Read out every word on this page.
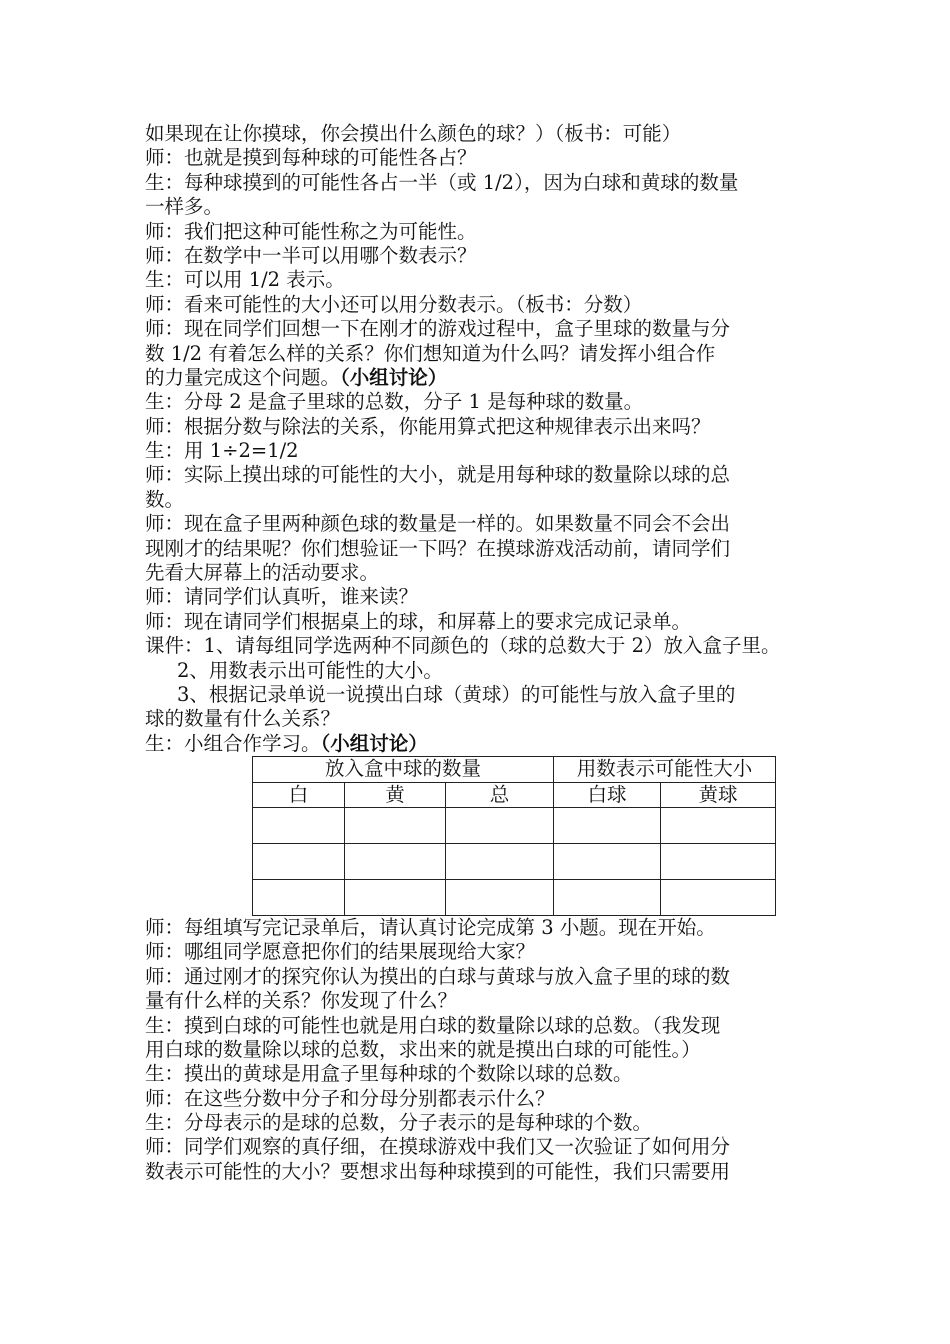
如果现在让你摸球，你会摸出什么颜色的球？）（板书：可能）
师：也就是摸到每种球的可能性各占？
生：每种球摸到的可能性各占一半（或 1/2），因为白球和黄球的数量
一样多。
师：我们把这种可能性称之为可能性。
师：在数学中一半可以用哪个数表示？
生：可以用 1/2 表示。
师：看来可能性的大小还可以用分数表示。（板书：分数）
师：现在同学们回想一下在刚才的游戏过程中，盒子里球的数量与分
数 1/2 有着怎么样的关系？你们想知道为什么吗？请发挥小组合作
的力量完成这个问题。（小组讨论）
生：分母 2 是盒子里球的总数，分子 1 是每种球的数量。
师：根据分数与除法的关系，你能用算式把这种规律表示出来吗？
生：用 1÷2=1/2
师：实际上摸出球的可能性的大小，就是用每种球的数量除以球的总
数。
师：现在盒子里两种颜色球的数量是一样的。如果数量不同会不会出
现刚才的结果呢？你们想验证一下吗？在摸球游戏活动前，请同学们
先看大屏幕上的活动要求。
师：请同学们认真听，谁来读？
师：现在请同学们根据桌上的球，和屏幕上的要求完成记录单。
课件：1、请每组同学选两种不同颜色的（球的总数大于 2）放入盒子里。
2、用数表示出可能性的大小。
3、根据记录单说一说摸出白球（黄球）的可能性与放入盒子里的
球的数量有什么关系？
生：小组合作学习。（小组讨论）
放入盒中球的数量			用数表示可能性大小	
白	黄	总	白球	黄球

师：每组填写完记录单后，请认真讨论完成第 3 小题。现在开始。
师：哪组同学愿意把你们的结果展现给大家？
师：通过刚才的探究你认为摸出的白球与黄球与放入盒子里的球的数
量有什么样的关系？你发现了什么？
生：摸到白球的可能性也就是用白球的数量除以球的总数。（我发现
用白球的数量除以球的总数，求出来的就是摸出白球的可能性。）
生：摸出的黄球是用盒子里每种球的个数除以球的总数。
师：在这些分数中分子和分母分别都表示什么？
生：分母表示的是球的总数，分子表示的是每种球的个数。
师：同学们观察的真仔细，在摸球游戏中我们又一次验证了如何用分
数表示可能性的大小？要想求出每种球摸到的可能性，我们只需要用
